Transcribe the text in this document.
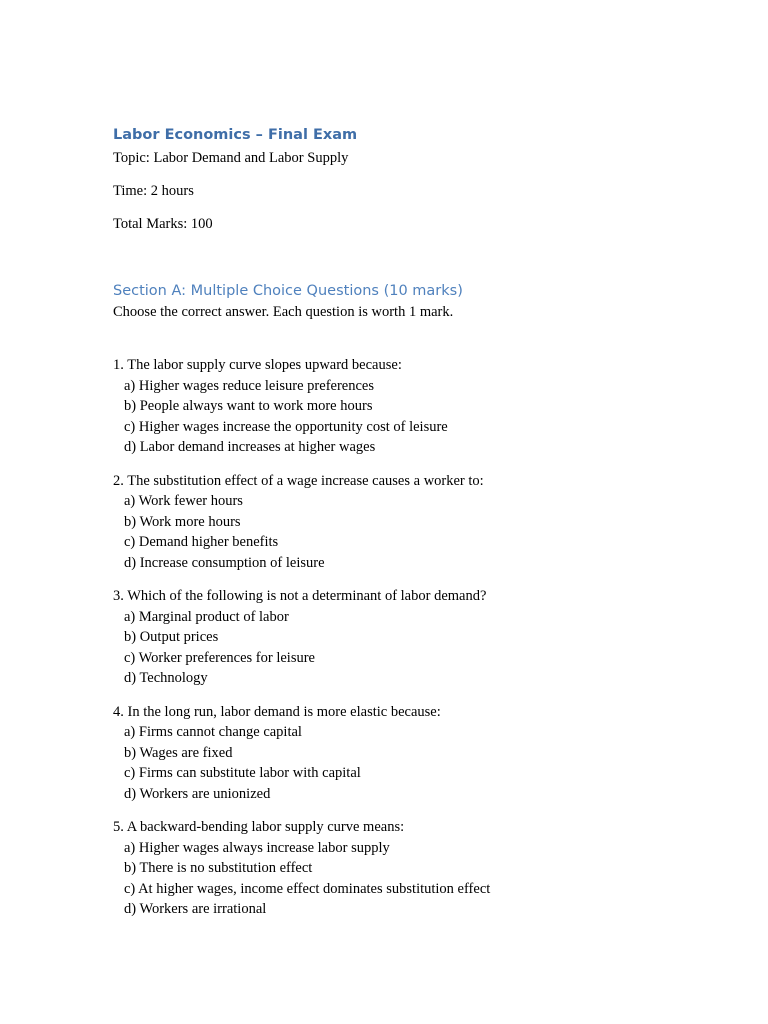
Labor Economics – Final Exam

Topic: Labor Demand and Labor Supply

Time: 2 hours

Total Marks: 100

Section A: Multiple Choice Questions (10 marks)

Choose the correct answer. Each question is worth 1 mark.

1. The labor supply curve slopes upward because:
a) Higher wages reduce leisure preferences
b) People always want to work more hours
c) Higher wages increase the opportunity cost of leisure
d) Labor demand increases at higher wages
2. The substitution effect of a wage increase causes a worker to:
a) Work fewer hours
b) Work more hours
c) Demand higher benefits
d) Increase consumption of leisure
3. Which of the following is not a determinant of labor demand?
a) Marginal product of labor
b) Output prices
c) Worker preferences for leisure
d) Technology
4. In the long run, labor demand is more elastic because:
a) Firms cannot change capital
b) Wages are fixed
c) Firms can substitute labor with capital
d) Workers are unionized
5. A backward-bending labor supply curve means:
a) Higher wages always increase labor supply
b) There is no substitution effect
c) At higher wages, income effect dominates substitution effect
d) Workers are irrational
